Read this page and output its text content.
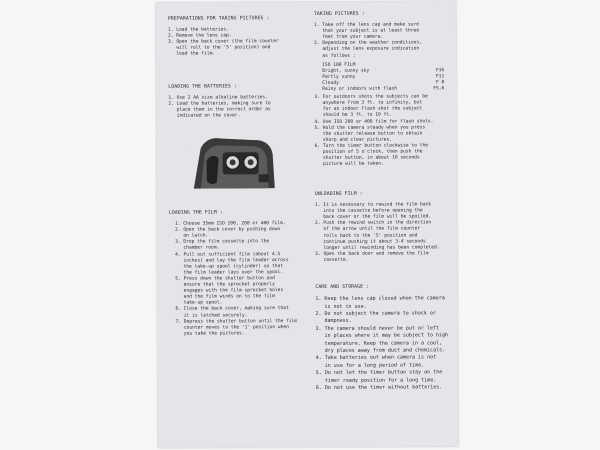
PREPARATIONS FOR TAKING PICTURES :
1. Load the batteries.
2. Remove the lens cap.
3. Open the back cover (the film counter
will roll to the 'S' position) and
load the film.
LOADING THE BATTERIES :
1. Use 2 AA size alkaline batteries.
2. Load the batteries, making sure to
place them in the correct order as
indicated on the cover.
LOADING THE FILM :
1. Choose 35mm ISO 100, 200 or 400 film.
2. Open the back cover by pushing down
on latch.
3. Drop the film cassette into the
chamber room.
4. Pull out sufficient film (about 4.5
inches) and lay the film leader across
the take-up spool (cylinder) so that
the film leader lays over the spool.
5. Press down the shutter button and
ensure that the sprocket properly
engages with the film sprocket holes
and the film winds on to the film
take-up spool.
6. Close the back cover, making sure that
it is latched securely.
7. Depress the shutter button until the film
counter moves to the '1' position when
you take the pictures.
TAKING PICTURES :
1. Take off the lens cap and make sure
that your subject is at least three
feet from your camera.
2. Depending on the weather conditions,
adjust the lens exposure indication
as follows :
ISO 100 FILM
Bright, sunny sky	F16
Partly sunny	F11
Cloudy	F 8
Rainy or indoors with flash	F5.6
3. For outdoors shots the subjects can be
anywhere from 3 ft. to infinity, but
for an indoor flash shot the subject
should be 3 ft. to 10 ft.
4. Use ISO 200 or 400 film for flash shots.
5. Hold the camera steady when you press
the shutter release button to obtain
sharp and clear pictures.
6. Turn the timer button clockwise to the
position of 5 o'clock, then push the
shutter button, in about 10 seconds
picture will be taken.
UNLOADING FILM :
1. It is necessary to rewind the film back
into the cassette before opening the
back cover or the film will be spoiled.
2. Push the rewind switch in the direction
of the arrow until the film counter
rolls back to the 'S' position and
continue pushing it about 3-4 seconds
longer until rewinding has been completed.
3. Open the back door and remove the film
cassette.
CARE AND STORAGE :
1. Keep the lens cap closed when the camera
is not in use.
2. Do not subject the camera to shock or
dampness.
3. The camera should never be put or left
in places where it may be subject to high
temperature. Keep the camera in a cool,
dry places away from dust and chemicals.
4. Take batteries out when camera is not
in use for a long period of time.
5. Do not let the timer button stay on the
timer ready position for a long time.
6. Do not use the timer without batteries.
